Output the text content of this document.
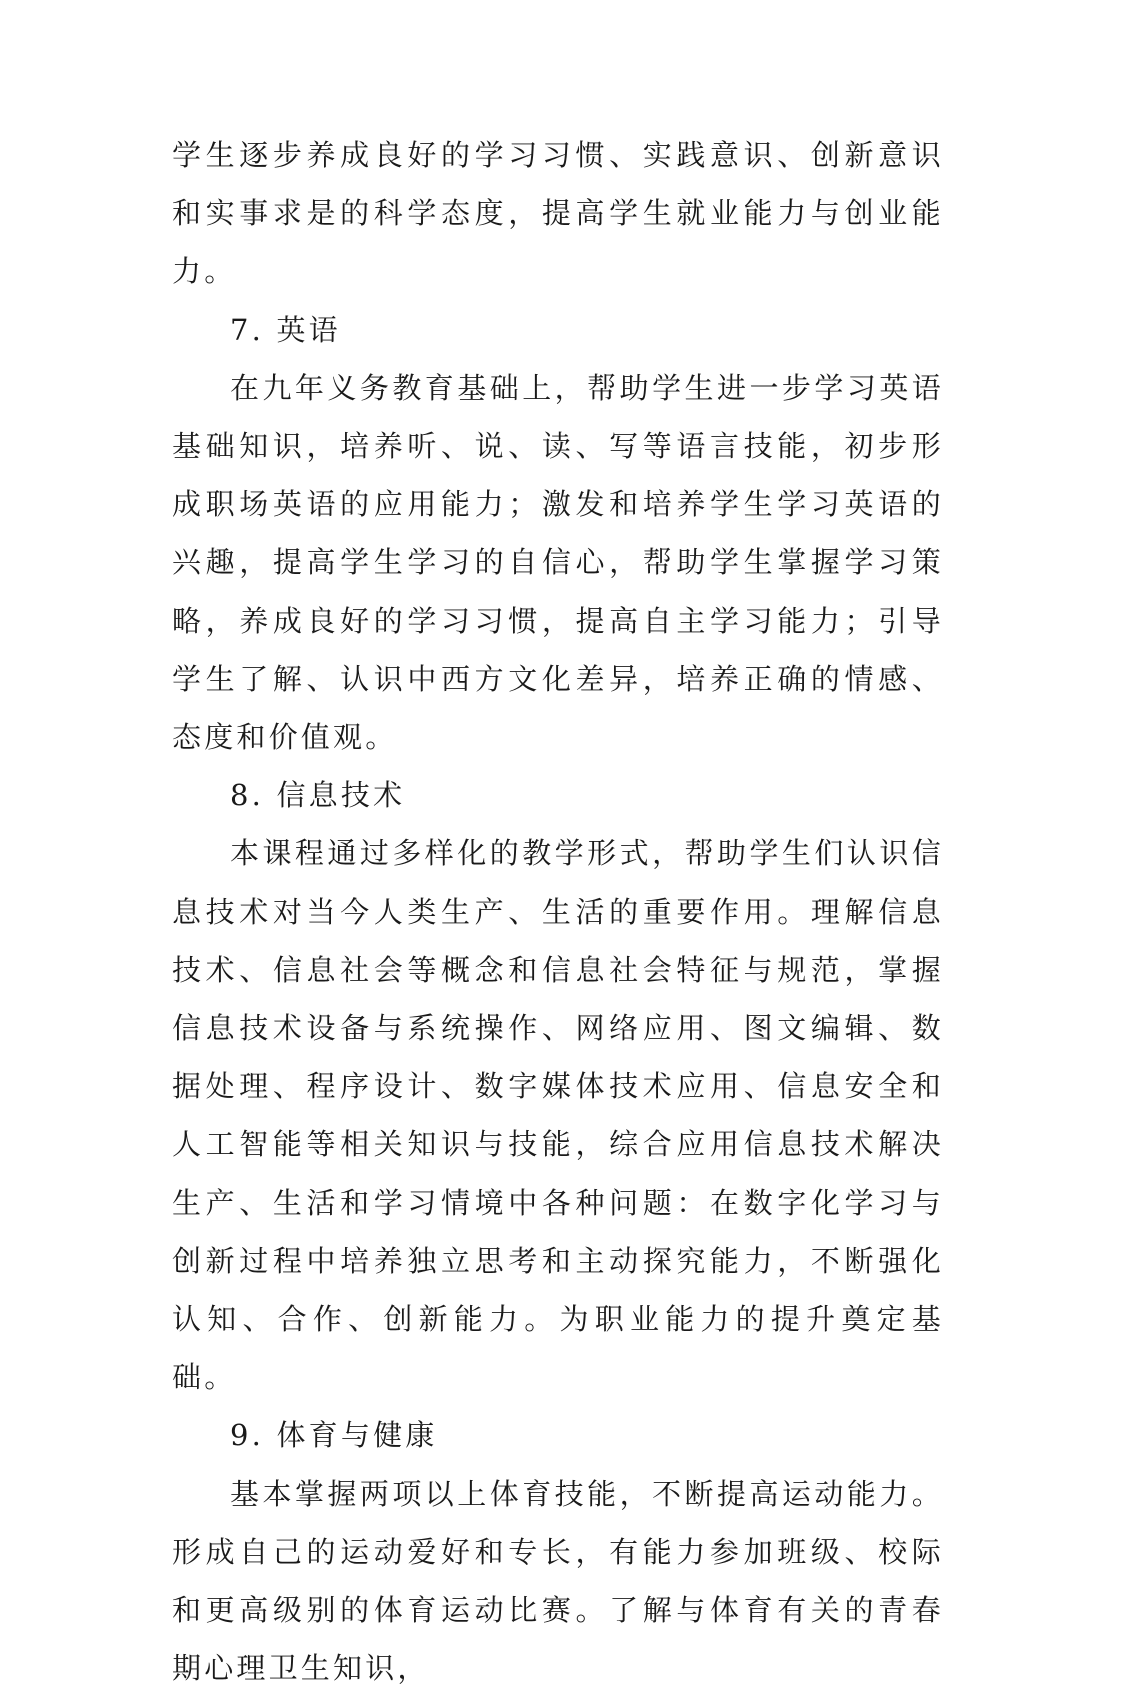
学生逐步养成良好的学习习惯、实践意识、创新意识和实事求是的科学态度，提高学生就业能力与创业能力。

7. 英语

在九年义务教育基础上，帮助学生进一步学习英语基础知识，培养听、说、读、写等语言技能，初步形成职场英语的应用能力；激发和培养学生学习英语的兴趣，提高学生学习的自信心，帮助学生掌握学习策略，养成良好的学习习惯，提高自主学习能力；引导学生了解、认识中西方文化差异，培养正确的情感、态度和价值观。

8. 信息技术

本课程通过多样化的教学形式，帮助学生们认识信息技术对当今人类生产、生活的重要作用。理解信息技术、信息社会等概念和信息社会特征与规范，掌握信息技术设备与系统操作、网络应用、图文编辑、数据处理、程序设计、数字媒体技术应用、信息安全和人工智能等相关知识与技能，综合应用信息技术解决生产、生活和学习情境中各种问题：在数字化学习与创新过程中培养独立思考和主动探究能力，不断强化认知、合作、创新能力。为职业能力的提升奠定基础。

9. 体育与健康

基本掌握两项以上体育技能，不断提高运动能力。形成自己的运动爱好和专长，有能力参加班级、校际和更高级别的体育运动比赛。了解与体育有关的青春期心理卫生知识，
